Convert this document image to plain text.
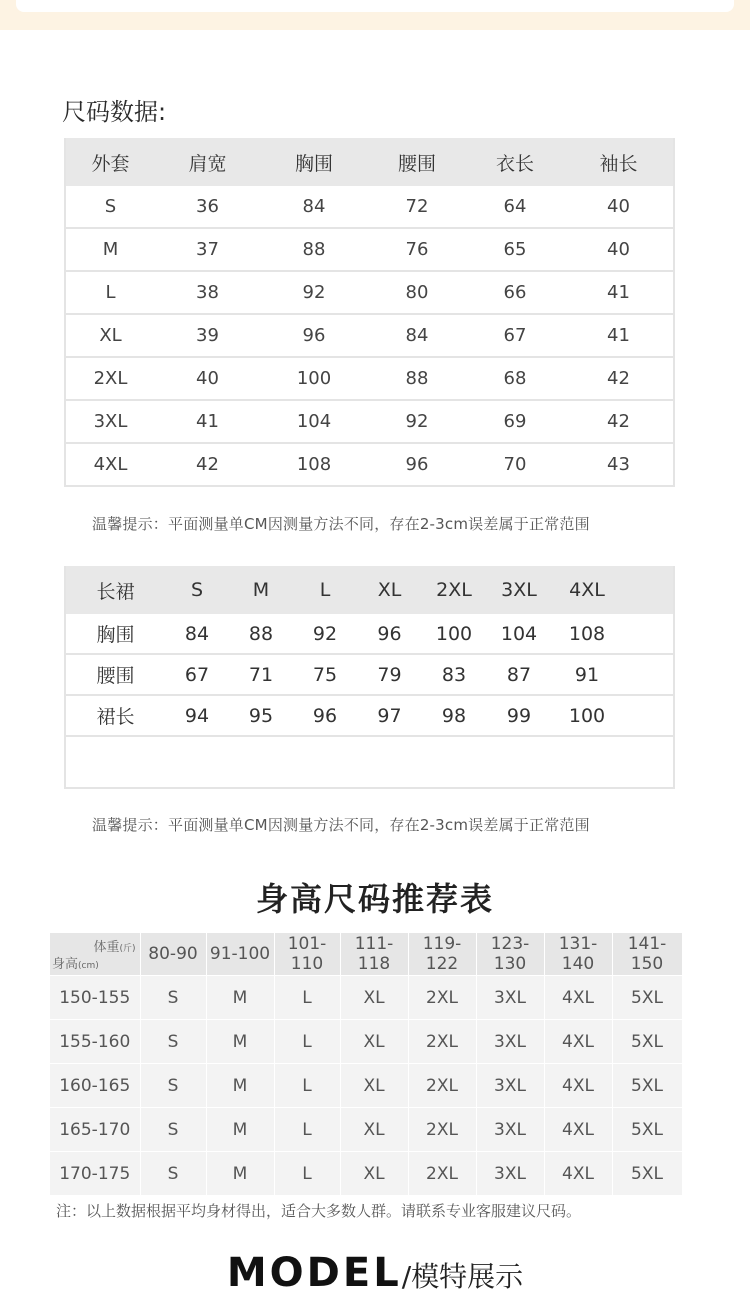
尺码数据:
外套	肩宽	胸围	腰围	衣长	袖长
S	36	84	72	64	40
M	37	88	76	65	40
L	38	92	80	66	41
XL	39	96	84	67	41
2XL	40	100	88	68	42
3XL	41	104	92	69	42
4XL	42	108	96	70	43
温馨提示：平面测量单CM因测量方法不同，存在2-3cm误差属于正常范围
长裙	S	M	L	XL	2XL	3XL	4XL	
胸围	84	88	92	96	100	104	108	
腰围	67	71	75	79	83	87	91	
裙长	94	95	96	97	98	99	100	

温馨提示：平面测量单CM因测量方法不同，存在2-3cm误差属于正常范围
身高尺码推荐表
体重(斤)
身高(cm)	80-90	91-100	101-110	111-118	119-122	123-130	131-140	141-150
150-155	S	M	L	XL	2XL	3XL	4XL	5XL
155-160	S	M	L	XL	2XL	3XL	4XL	5XL
160-165	S	M	L	XL	2XL	3XL	4XL	5XL
165-170	S	M	L	XL	2XL	3XL	4XL	5XL
170-175	S	M	L	XL	2XL	3XL	4XL	5XL
注：以上数据根据平均身材得出，适合大多数人群。请联系专业客服建议尺码。
MODEL/模特展示
